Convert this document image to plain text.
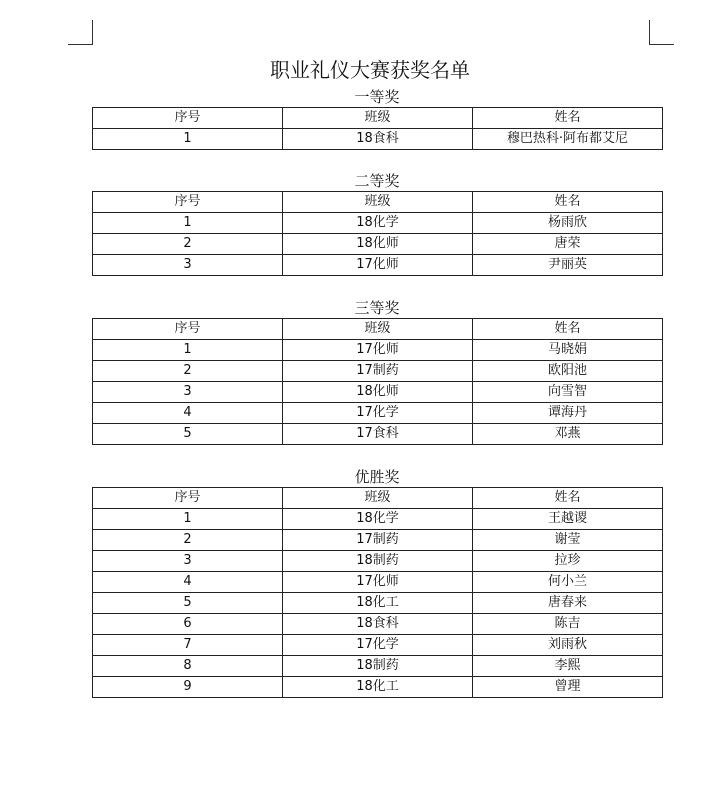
职业礼仪大赛获奖名单
一等奖
序号	班级	姓名
1	18食科	穆巴热科·阿布都艾尼
二等奖
序号	班级	姓名
1	18化学	杨雨欣
2	18化师	唐荣
3	17化师	尹丽英
三等奖
序号	班级	姓名
1	17化师	马晓娟
2	17制药	欧阳池
3	18化师	向雪智
4	17化学	谭海丹
5	17食科	邓燕
优胜奖
序号	班级	姓名
1	18化学	王越谡
2	17制药	谢莹
3	18制药	拉珍
4	17化师	何小兰
5	18化工	唐春来
6	18食科	陈吉
7	17化学	刘雨秋
8	18制药	李熙
9	18化工	曾理
